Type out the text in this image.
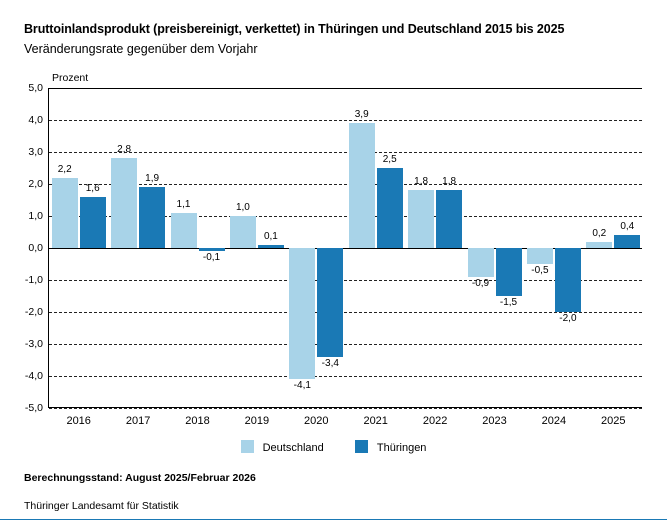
Bruttoinlandsprodukt (preisbereinigt, verkettet) in Thüringen und Deutschland 2015 bis 2025
Veränderungsrate gegenüber dem Vorjahr
Prozent
5,0
4,0
3,0
2,0
1,0
0,0
-1,0
-2,0
-3,0
-4,0
-5,0
2016
2,2
1,6
2017
2,8
1,9
2018
1,1
-0,1
2019
1,0
0,1
2020
-4,1
-3,4
2021
3,9
2,5
2022
1,8 1,8
2023
-0,9
-1,5
2024
-0,5
-2,0
2025
0,2
0,4
Deutschland	Thüringen
Berechnungsstand: August 2025/Februar 2026
Thüringer Landesamt für Statistik
